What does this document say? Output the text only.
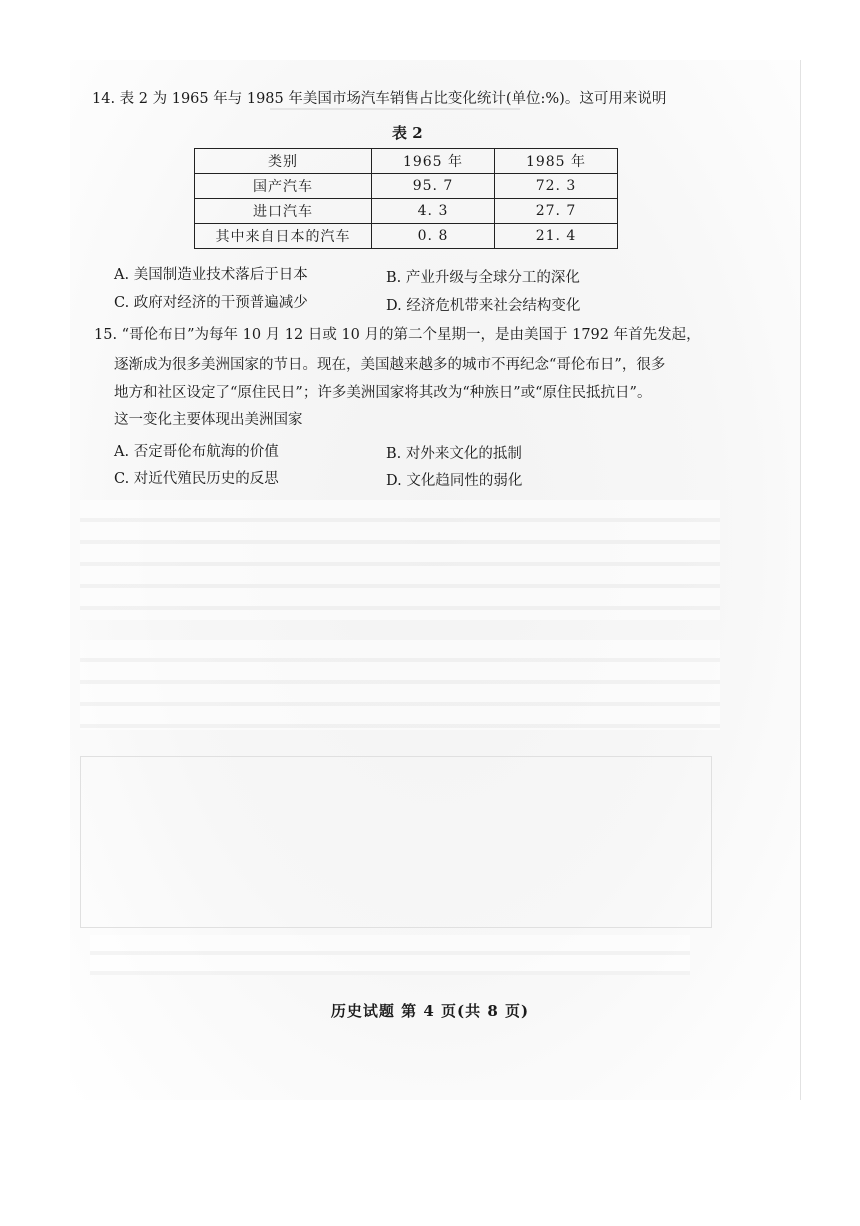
14. 表 2 为 1965 年与 1985 年美国市场汽车销售占比变化统计(单位:%)。这可用来说明
表 2
类别	1965 年	1985 年
国产汽车	95. 7	72. 3
进口汽车	4. 3	27. 7
其中来自日本的汽车	0. 8	21. 4
A. 美国制造业技术落后于日本	B. 产业升级与全球分工的深化
C. 政府对经济的干预普遍减少	D. 经济危机带来社会结构变化
15. “哥伦布日”为每年 10 月 12 日或 10 月的第二个星期一，是由美国于 1792 年首先发起，
逐渐成为很多美洲国家的节日。现在，美国越来越多的城市不再纪念“哥伦布日”，很多
地方和社区设定了“原住民日”；许多美洲国家将其改为“种族日”或“原住民抵抗日”。
这一变化主要体现出美洲国家
A. 否定哥伦布航海的价值	B. 对外来文化的抵制
C. 对近代殖民历史的反思	D. 文化趋同性的弱化
历史试题 第 4 页(共 8 页)
